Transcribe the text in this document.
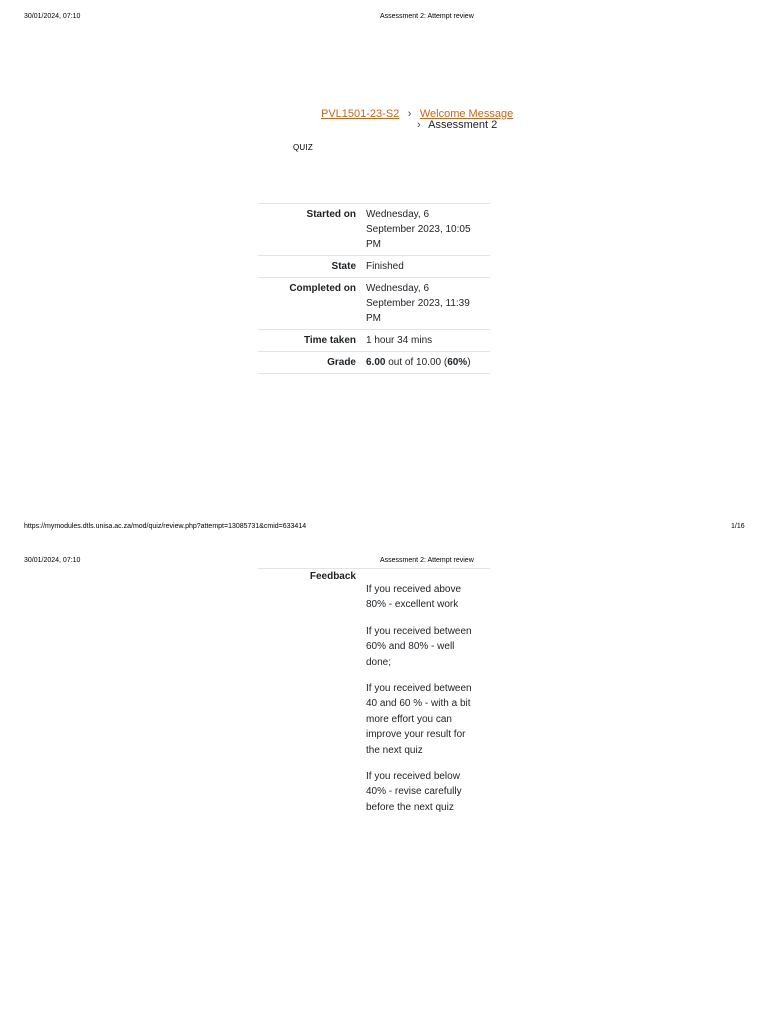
30/01/2024, 07:10	Assessment 2: Attempt review
PVL1501-23-S2 › Welcome Message
› Assessment 2
QUIZ
Started on	Wednesday, 6
September 2023, 10:05
PM

State	Finished
Completed on	Wednesday, 6
September 2023, 11:39
PM

Time taken	1 hour 34 mins
Grade	6.00 out of 10.00 (60%)
https://mymodules.dtls.unisa.ac.za/mod/quiz/review.php?attempt=13085731&cmid=633414	1/16
30/01/2024, 07:10	Assessment 2: Attempt review
Feedback

If you received above 80% - excellent work

If you received between 60% and 80% - well done;

If you received between 40 and 60 % - with a bit more effort you can improve your result for the next quiz

If you received below 40% - revise carefully before the next quiz
